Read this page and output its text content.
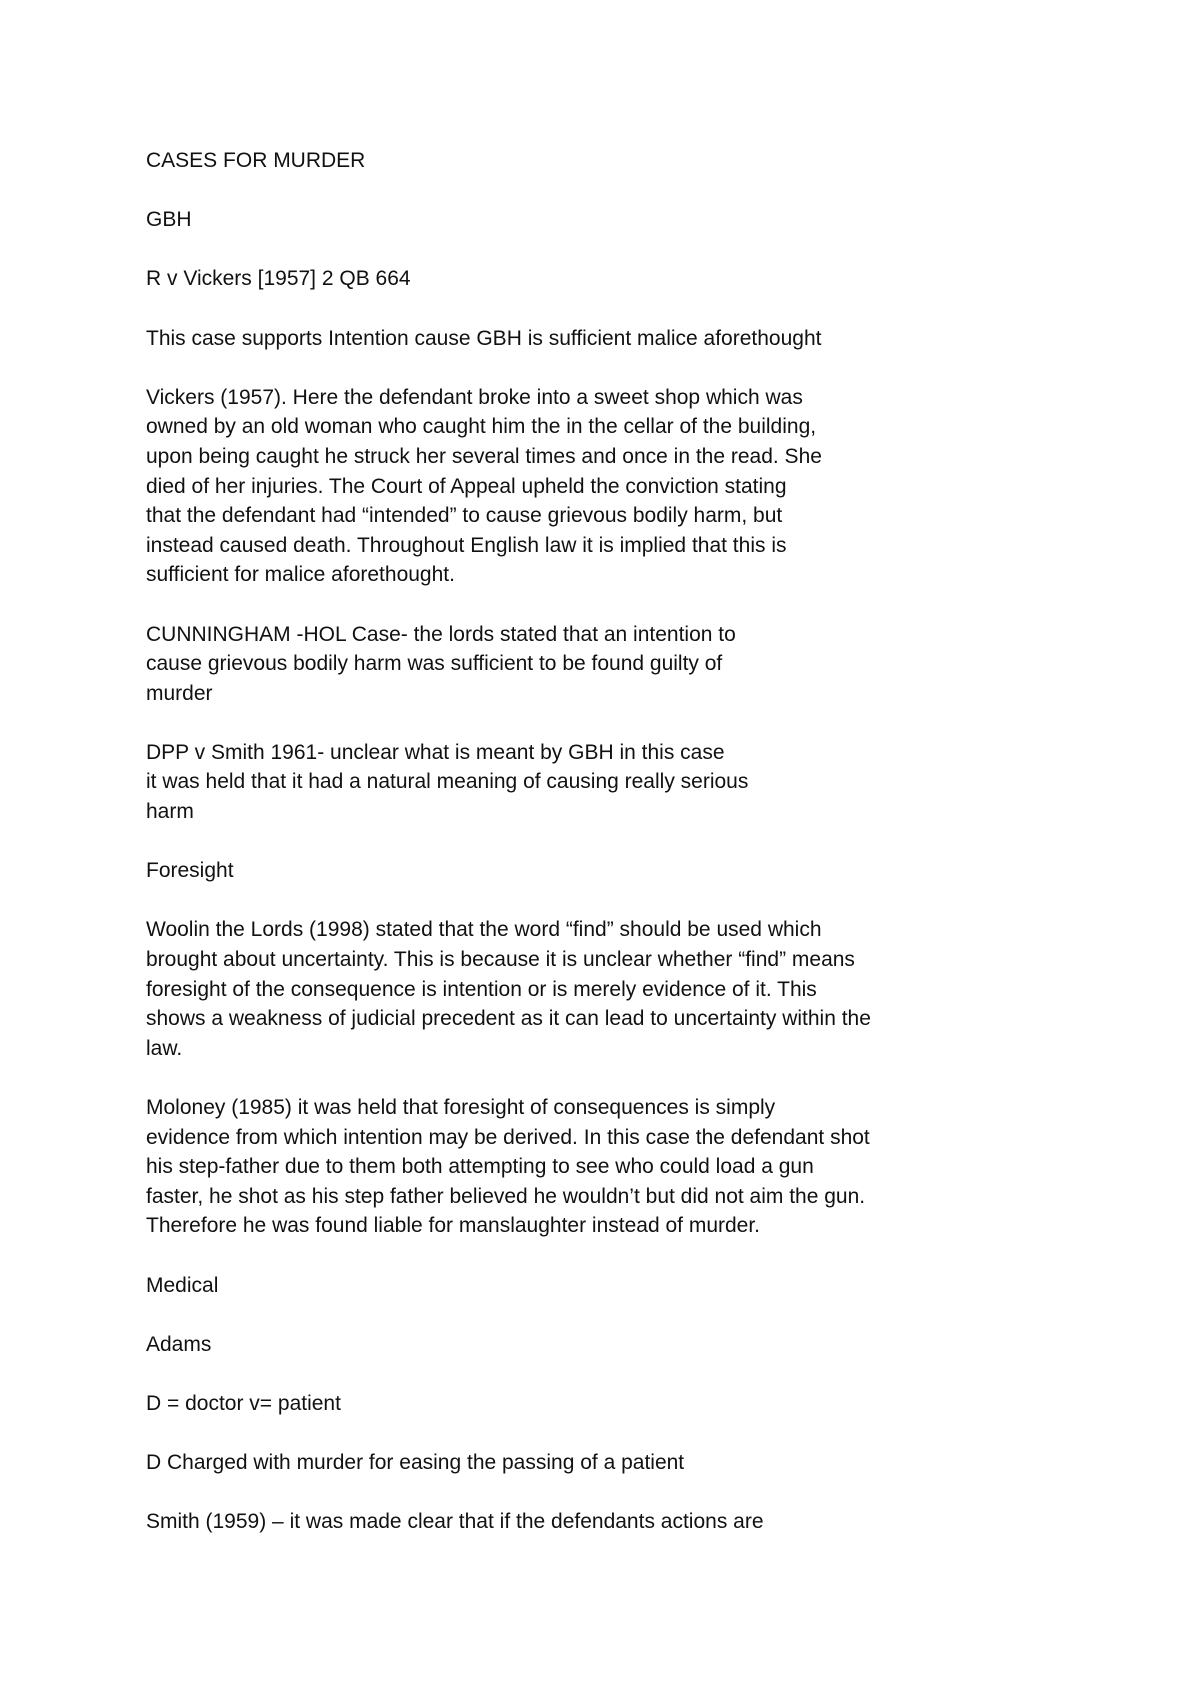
CASES FOR MURDER
GBH
R v Vickers [1957] 2 QB 664
This case supports Intention cause GBH is sufficient malice aforethought
Vickers (1957). Here the defendant broke into a sweet shop which was
owned by an old woman who caught him the in the cellar of the building,
upon being caught he struck her several times and once in the read. She
died of her injuries. The Court of Appeal upheld the conviction stating
that the defendant had “intended” to cause grievous bodily harm, but
instead caused death. Throughout English law it is implied that this is
sufficient for malice aforethought.
CUNNINGHAM -HOL Case- the lords stated that an intention to
cause grievous bodily harm was sufficient to be found guilty of
murder
DPP v Smith 1961- unclear what is meant by GBH in this case
it was held that it had a natural meaning of causing really serious
harm
Foresight
Woolin the Lords (1998) stated that the word “find” should be used which
brought about uncertainty. This is because it is unclear whether “find” means
foresight of the consequence is intention or is merely evidence of it. This
shows a weakness of judicial precedent as it can lead to uncertainty within the
law.
Moloney (1985) it was held that foresight of consequences is simply
evidence from which intention may be derived. In this case the defendant shot
his step-father due to them both attempting to see who could load a gun
faster, he shot as his step father believed he wouldn’t but did not aim the gun.
Therefore he was found liable for manslaughter instead of murder.
Medical
Adams
D = doctor v= patient
D Charged with murder for easing the passing of a patient
Smith (1959) – it was made clear that if the defendants actions are
